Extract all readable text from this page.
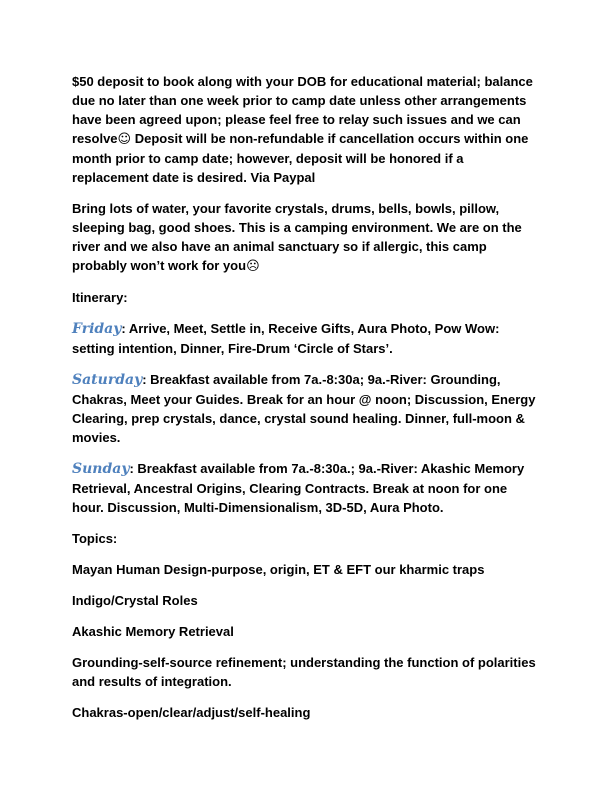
$50 deposit to book along with your DOB for educational material; balance due no later than one week prior to camp date unless other arrangements have been agreed upon; please feel free to relay such issues and we can resolve☺ Deposit will be non-refundable if cancellation occurs within one month prior to camp date; however, deposit will be honored if a replacement date is desired. Via Paypal

Bring lots of water, your favorite crystals, drums, bells, bowls, pillow, sleeping bag, good shoes. This is a camping environment. We are on the river and we also have an animal sanctuary so if allergic, this camp probably won’t work for you☹

Itinerary:

Friday: Arrive, Meet, Settle in, Receive Gifts, Aura Photo, Pow Wow: setting intention, Dinner, Fire-Drum ‘Circle of Stars’.

Saturday: Breakfast available from 7a.-8:30a; 9a.-River: Grounding, Chakras, Meet your Guides. Break for an hour @ noon; Discussion, Energy Clearing, prep crystals, dance, crystal sound healing. Dinner, full-moon & movies.

Sunday: Breakfast available from 7a.-8:30a.; 9a.-River: Akashic Memory Retrieval, Ancestral Origins, Clearing Contracts. Break at noon for one hour. Discussion, Multi-Dimensionalism, 3D-5D, Aura Photo.

Topics:

Mayan Human Design-purpose, origin, ET & EFT our kharmic traps

Indigo/Crystal Roles

Akashic Memory Retrieval

Grounding-self-source refinement; understanding the function of polarities and results of integration.

Chakras-open/clear/adjust/self-healing
